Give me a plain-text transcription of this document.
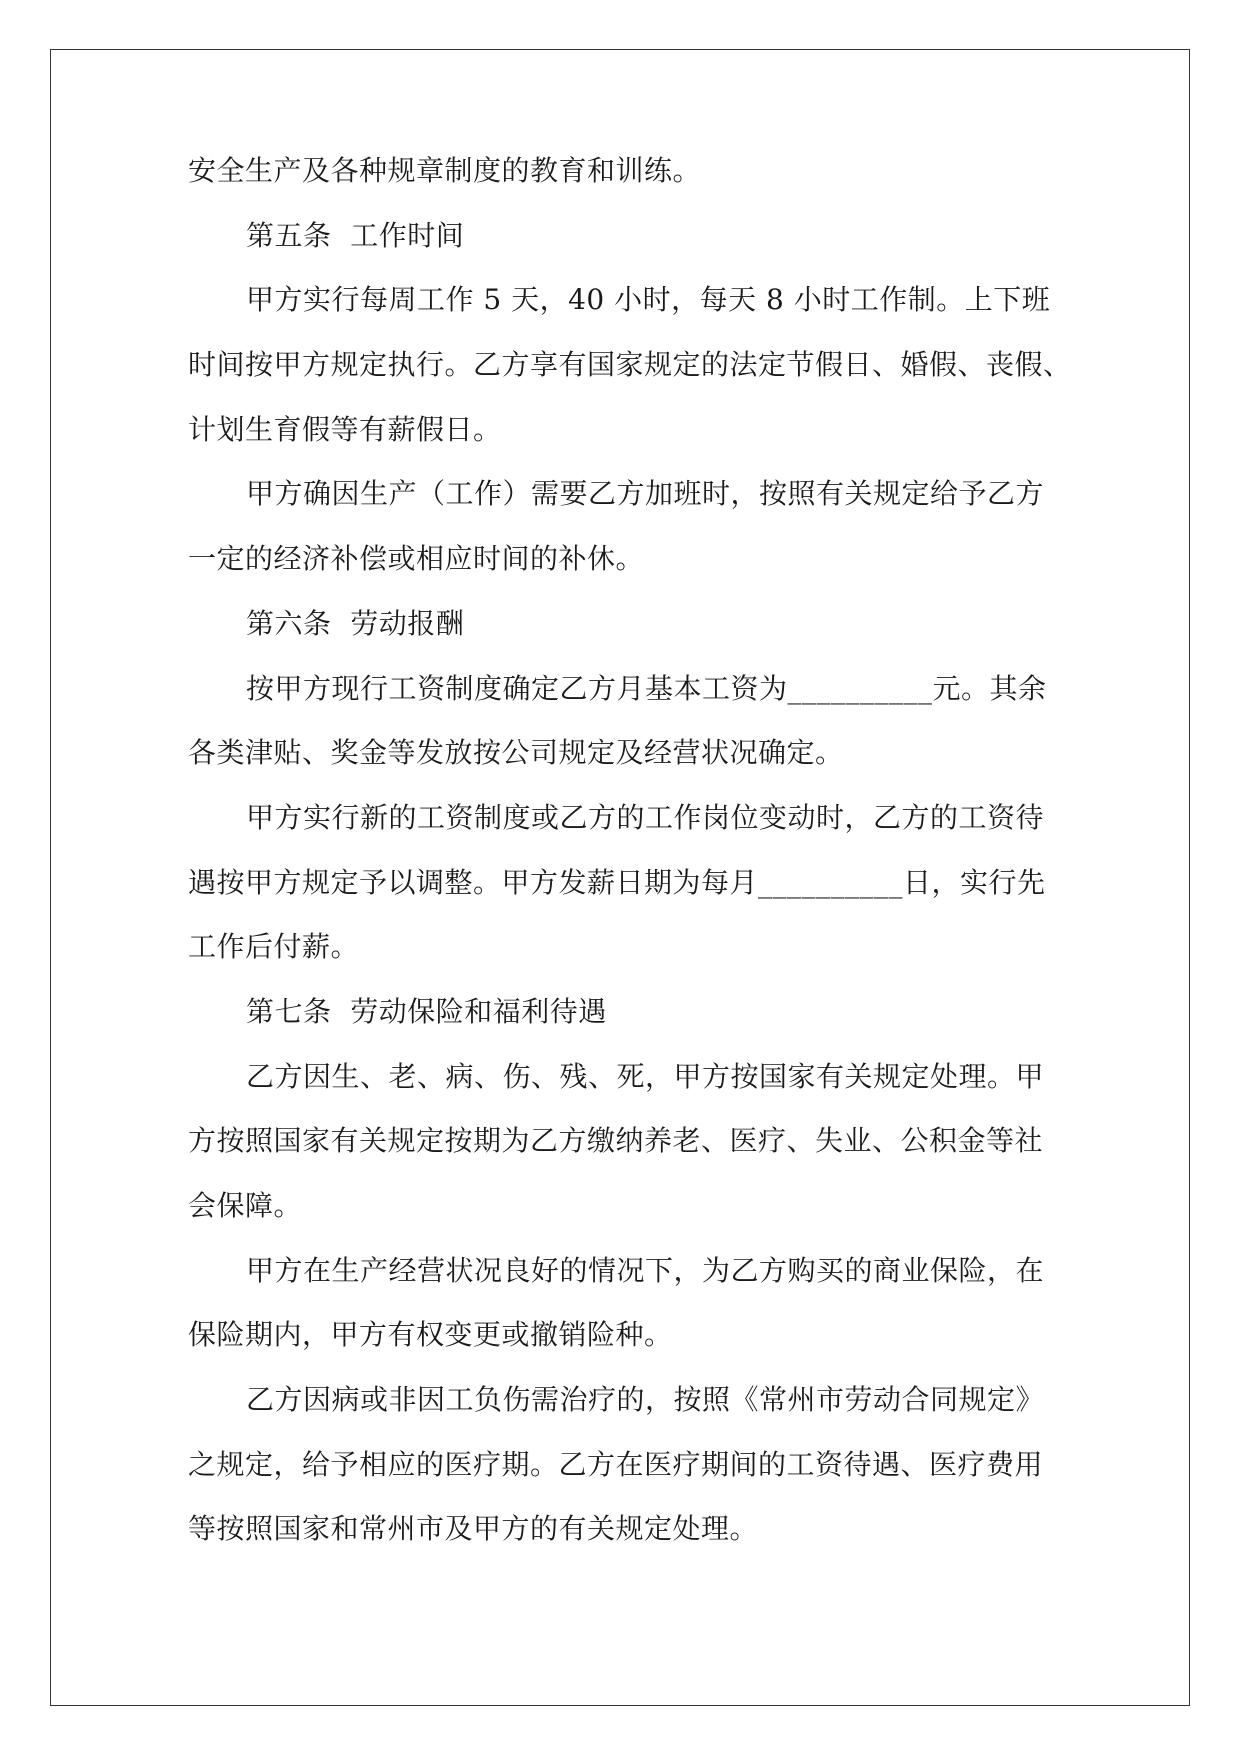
安全生产及各种规章制度的教育和训练。
第五条  工作时间
甲方实行每周工作 5 天，40 小时，每天 8 小时工作制。上下班
时间按甲方规定执行。乙方享有国家规定的法定节假日、婚假、丧假、
计划生育假等有薪假日。
甲方确因生产（工作）需要乙方加班时，按照有关规定给予乙方
一定的经济补偿或相应时间的补休。
第六条  劳动报酬
按甲方现行工资制度确定乙方月基本工资为__________元。其余
各类津贴、奖金等发放按公司规定及经营状况确定。
甲方实行新的工资制度或乙方的工作岗位变动时，乙方的工资待
遇按甲方规定予以调整。甲方发薪日期为每月__________日，实行先
工作后付薪。
第七条  劳动保险和福利待遇
乙方因生、老、病、伤、残、死，甲方按国家有关规定处理。甲
方按照国家有关规定按期为乙方缴纳养老、医疗、失业、公积金等社
会保障。
甲方在生产经营状况良好的情况下，为乙方购买的商业保险，在
保险期内，甲方有权变更或撤销险种。
乙方因病或非因工负伤需治疗的，按照《常州市劳动合同规定》
之规定，给予相应的医疗期。乙方在医疗期间的工资待遇、医疗费用
等按照国家和常州市及甲方的有关规定处理。
